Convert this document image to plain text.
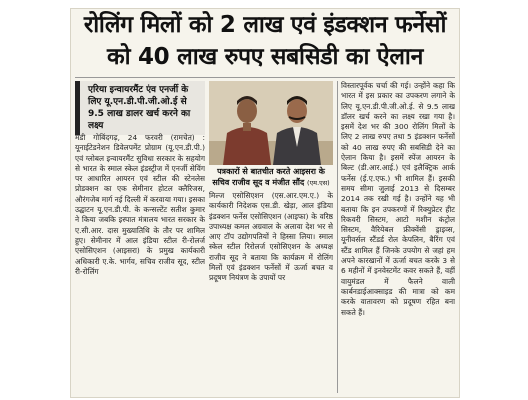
रोलिंग मिलों को 2 लाख एवं इंडक्शन फर्नेसों
को 40 लाख रुपए सबसिडी का ऐलान
एरिया इन्वायरमैंट एंव एनर्जी के लिए यू.एन.डी.पी.जी.ओ.ई से 9.5 लाख डालर खर्च करने का लक्ष्य

मंडी गोबिंदगढ़, 24 फरवरी (रामचेत) : यूनाईटेडनेशन डिवेलपमेंट प्रोग्राम (यू.एन.डी.पी.) एवं ग्लोबल इन्वायरमैंट सुविधा सरकार के सहयोग से भारत के स्माल स्केल इंडस्ट्रीज में एनर्जी सेविंग पर आधारित आयरन एवं स्टील की स्टेनलेस प्रोडक्शन का एक सेमीनार होटल क्लैरिजस, औरंगजेब मार्ग नई दिल्ली में करवाया गया। इसका उद्घाटन यू.एन.डी.पी. के कन्सल्टेंट सतीश कुमार ने किया जबकि इस्पात मंत्रालय भारत सरकार के ए.सी.आर. दास मुख्यातिथि के तौर पर शामिल हुए। सेमीनार में आल इंडिया स्टील री-रोलर्ज एसोसिएशन (आइसरा) के प्रमुख कार्यकारी अधिकारी ए.के. भार्गव, सचिव राजीव सूद, स्टील री-रोलिंग

पत्रकारों से बातचीत करते आइसरा के सचिव राजीव सूद व मंजीत सौंद (एम.एस)

मिल्ज एसोसिएशन (एस.आर.एम.ए.) के कार्यकारी निदेशक एस.डी. खेड़ा, आल इंडिया इंडक्शन फर्नेस एसोसिएशन (आइफा) के वरिष्ठ उपाध्यक्ष कमल अग्रवाल के अलावा देश भर से आए टॉप उद्योगपतियों ने हिस्सा लिया। स्माल स्केल स्टील रिरोलर्ज एसोसिएशन के अध्यक्ष राजीव सूद ने बताया कि कार्यक्रम में रोलिंग मिलों एवं इंडक्शन फर्नेसों में ऊर्जा बचत व प्रदूषण नियंत्रण के उपायों पर

विस्तारपूर्वक चर्चा की गई। उन्होंने कहा कि भारत में इस प्रकार का उपकरण लगाने के लिए यू.एन.डी.पी.जी.ओ.ई. से 9.5 लाख डॉलर खर्च करने का लक्ष्य रखा गया है। इसमें देश भर की 300 रोलिंग मिलों के लिए 2 लाख रुपए तथा 5 इंडक्शन फर्नेसों को 40 लाख रुपए की सबसिडी देने का ऐलान किया है। इसमें स्पेंज आयरन के बिल्ट (डी.आर.आई.) एवं इलैक्ट्रिक आर्क फर्नेस (ई.ए.एफ.) भी शामिल हैं। इसकी समय सीमा जुलाई 2013 से दिसम्बर 2014 तक रखी गई है। उन्होंने यह भी बताया कि इन उपकरणों में रिक्युप्रेटर हीट रिकवरी सिस्टम, आटो मशीन कंट्रोल सिस्टम, वैरियेबल फ्रीक्वेंसी ड्राइव्स, यूनीवर्सल स्टैंडर्ड रोल केपलिन, बैरिंग एवं स्टैंड शामिल हैं जिनके उपयोग से जहां हम अपने कारखानों में ऊर्जा बचत करके 3 से 6 महीनों में इनवेस्टमेंट कवर सकते हैं, वहीं वायुमंडल में फैलने वाली कार्बनडाईआक्साइड की मात्रा को कम करके वातावरण को प्रदूषण रहित बना सकते हैं।
